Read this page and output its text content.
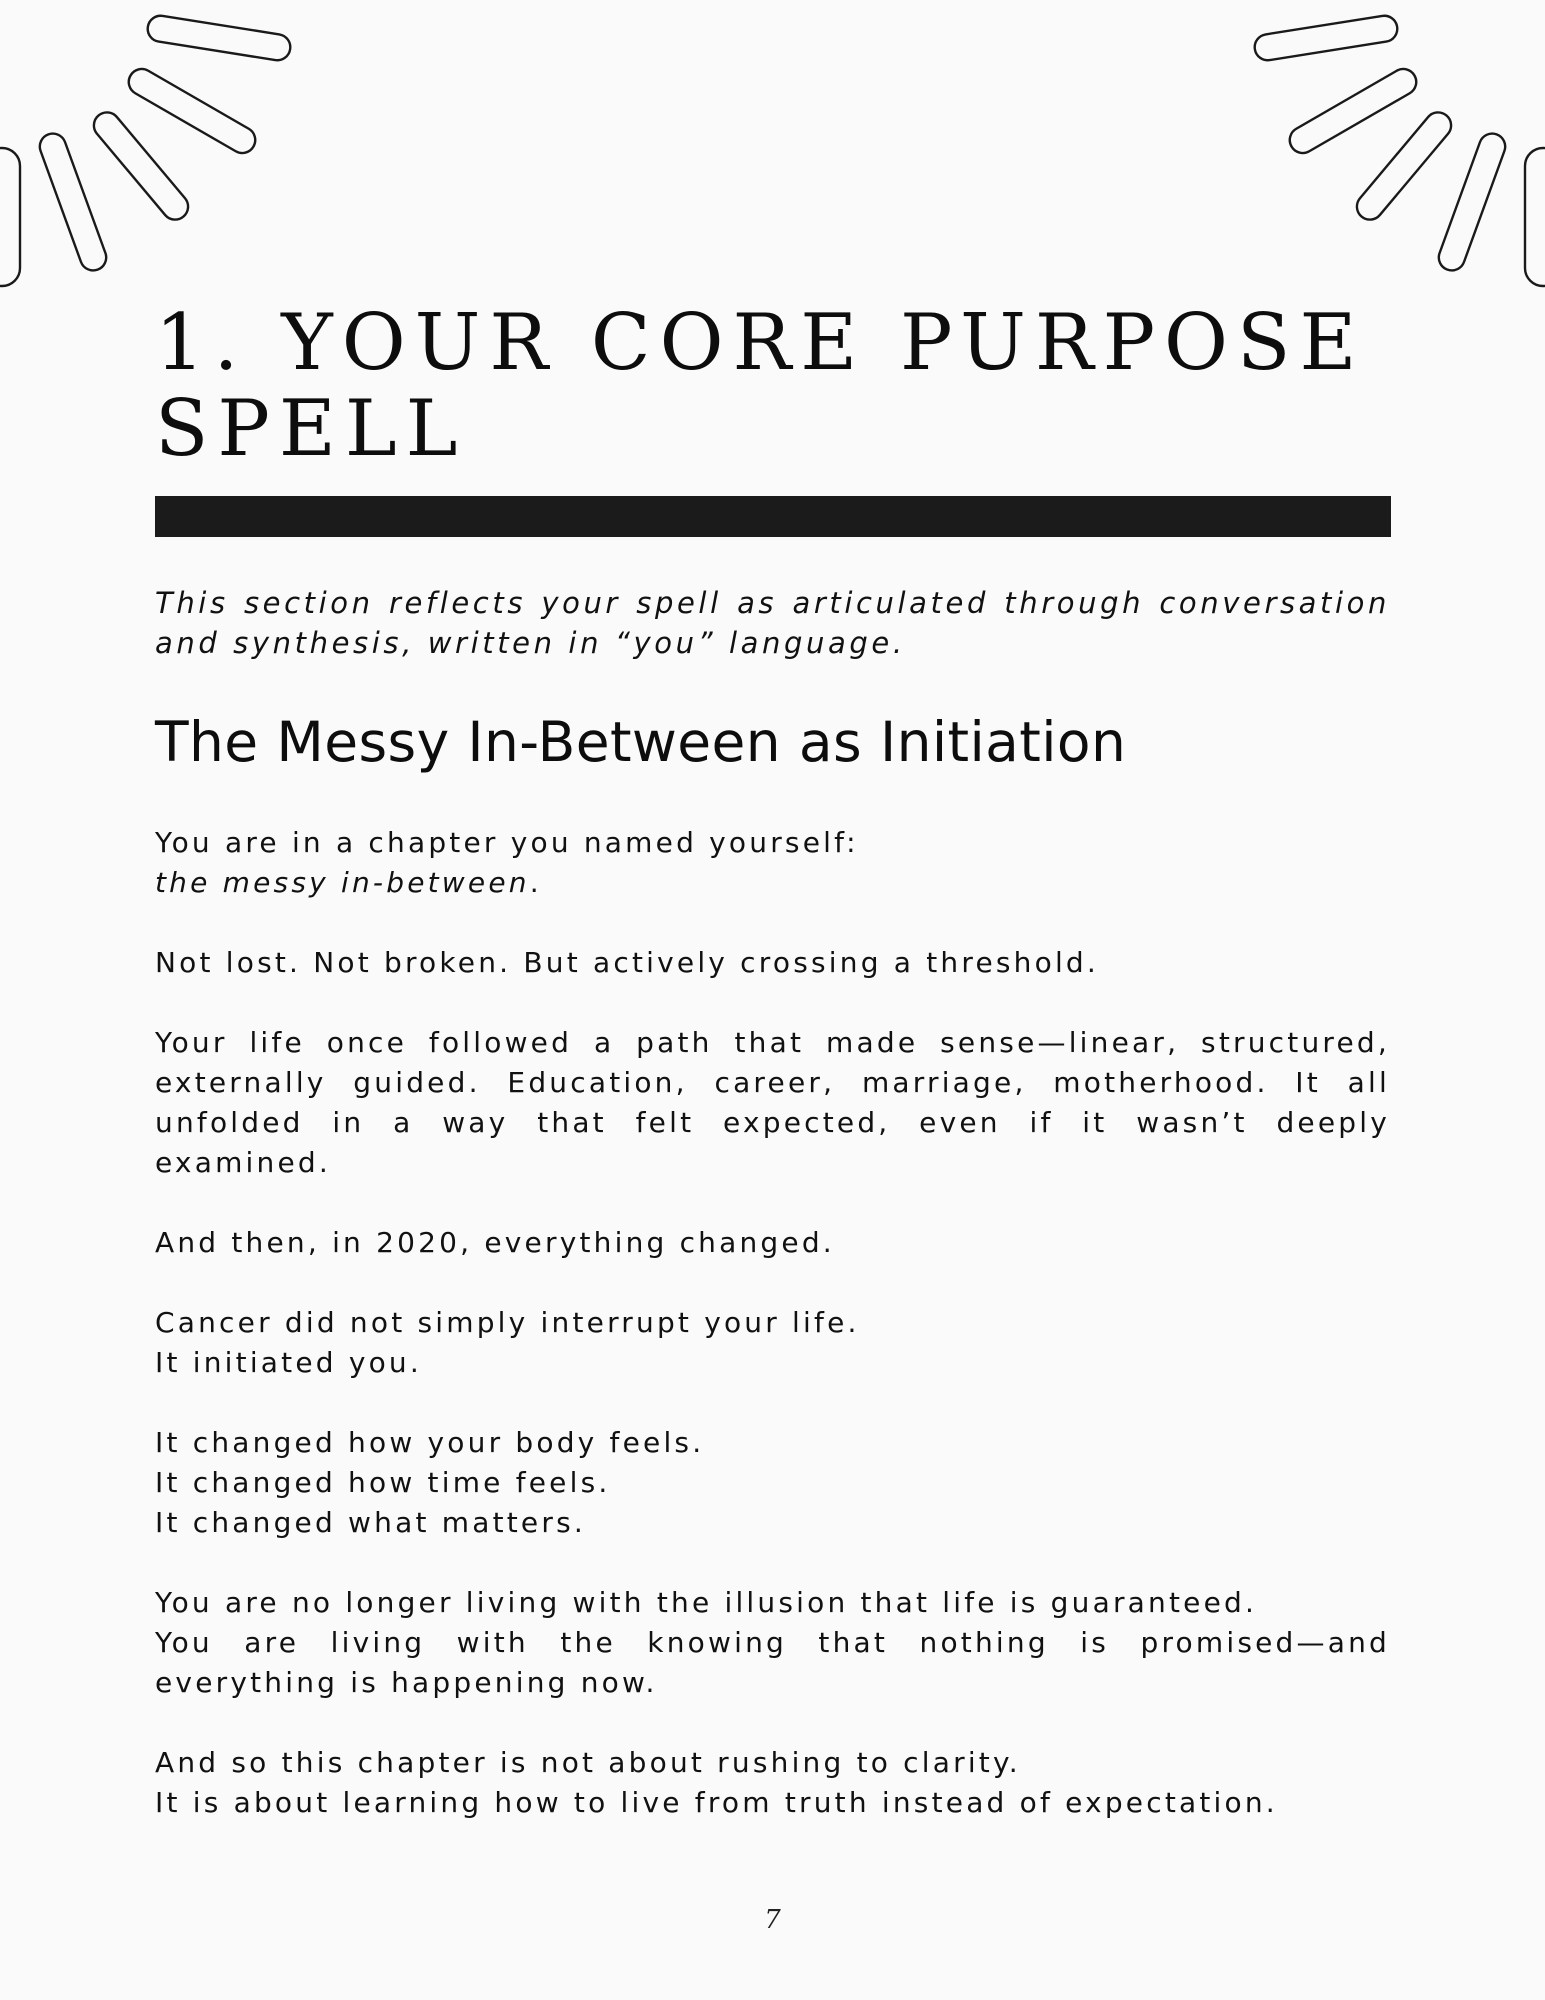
1. YOUR CORE PURPOSE
SPELL

This section reflects your spell as articulated through conversation and synthesis, written in “you” language.

The Messy In-Between as Initiation

You are in a chapter you named yourself:
the messy in-between.

Not lost. Not broken. But actively crossing a threshold.

Your life once followed a path that made sense—linear, structured, externally guided. Education, career, marriage, motherhood. It all unfolded in a way that felt expected, even if it wasn’t deeply examined.

And then, in 2020, everything changed.

Cancer did not simply interrupt your life.
It initiated you.

It changed how your body feels.
It changed how time feels.
It changed what matters.

You are no longer living with the illusion that life is guaranteed.
You are living with the knowing that nothing is promised—and everything is happening now.

And so this chapter is not about rushing to clarity.
It is about learning how to live from truth instead of expectation.

7
